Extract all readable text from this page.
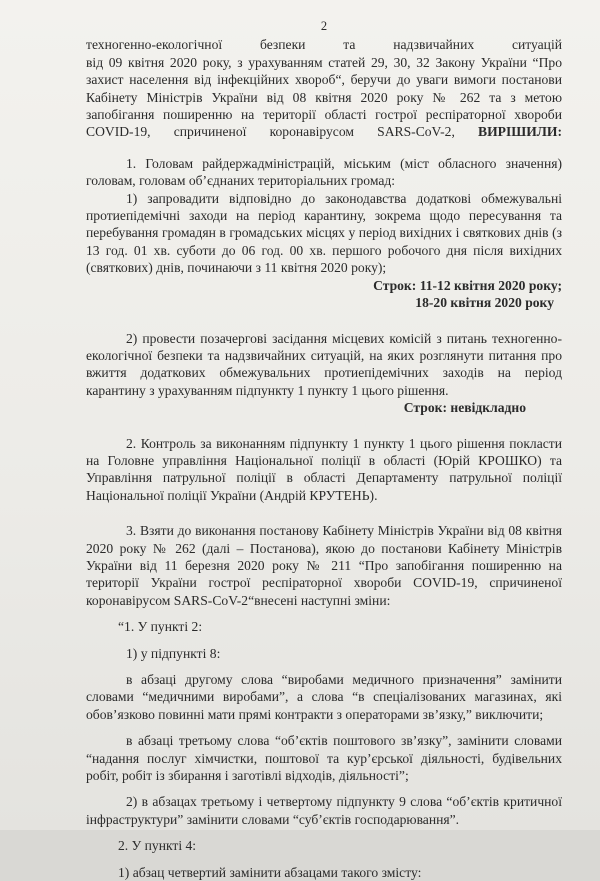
2

техногенно-екологічної безпеки та надзвичайних ситуацій

від 09 квітня 2020 року, з урахуванням статей 29, 30, 32 Закону України “Про

захист населення від інфекційних хвороб“, беручи до уваги вимоги постанови

Кабінету Міністрів України від 08 квітня 2020 року № 262 та з метою

запобігання поширенню на території області гострої респіраторної хвороби

COVID-19, спричиненої коронавірусом SARS-CoV-2, ВИРІШИЛИ:

1. Головам райдержадміністрацій, міським (міст обласного значення)

головам, головам об’єднаних територіальних громад:

1) запровадити відповідно до законодавства додаткові обмежувальні протиепідемічні заходи на період карантину, зокрема щодо пересування та перебування громадян в громадських місцях у період вихідних і святкових днів (з 13 год. 01 хв. суботи до 06 год. 00 хв. першого робочого дня після вихідних (святкових) днів, починаючи з 11 квітня 2020 року);

Строк: 11-12 квітня 2020 року;

18-20 квітня 2020 року

2) провести позачергові засідання місцевих комісій з питань техногенно-екологічної безпеки та надзвичайних ситуацій, на яких розглянути питання про вжиття додаткових обмежувальних протиепідемічних заходів на період карантину з урахуванням підпункту 1 пункту 1 цього рішення.

Строк: невідкладно

2. Контроль за виконанням підпункту 1 пункту 1 цього рішення покласти на Головне управління Національної поліції в області (Юрій КРОШКО) та Управління патрульної поліції в області Департаменту патрульної поліції Національної поліції України (Андрій КРУТЕНЬ).

3. Взяти до виконання постанову Кабінету Міністрів України від 08 квітня 2020 року № 262 (далі – Постанова), якою до постанови Кабінету Міністрів України від 11 березня 2020 року № 211 “Про запобігання поширенню на території України гострої респіраторної хвороби COVID-19, спричиненої коронавірусом SARS-CoV-2“внесені наступні зміни:

“1. У пункті 2:

1) у підпункті 8:

в абзаці другому слова “виробами медичного призначення” замінити словами “медичними виробами”, а слова “в спеціалізованих магазинах, які обов’язково повинні мати прямі контракти з операторами зв’язку,” виключити;

в абзаці третьому слова “об’єктів поштового зв’язку”, замінити словами “надання послуг хімчистки, поштової та кур’єрської діяльності, будівельних робіт, робіт із збирання і заготівлі відходів, діяльності”;

2) в абзацах третьому і четвертому підпункту 9 слова “об’єктів критичної інфраструктури” замінити словами “суб’єктів господарювання”.

2. У пункті 4:

1) абзац четвертий замінити абзацами такого змісту:
